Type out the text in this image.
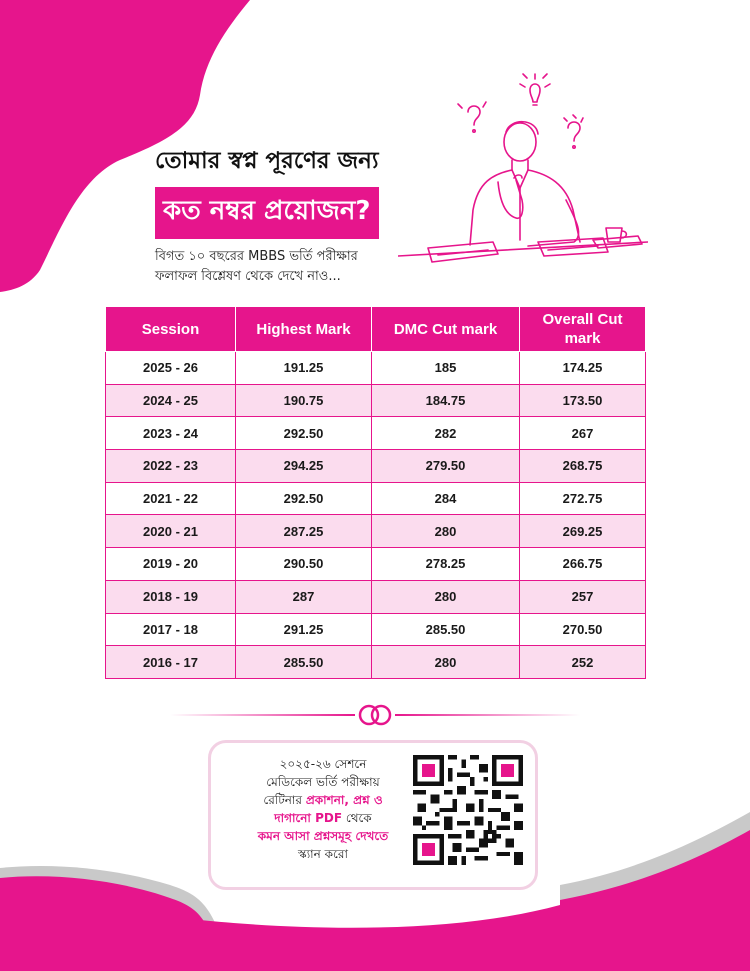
তোমার স্বপ্ন পূরণের জন্য
কত নম্বর প্রয়োজন?
বিগত ১০ বছরের MBBS ভর্তি পরীক্ষার
ফলাফল বিশ্লেষণ থেকে দেখে নাও...
Session	Highest Mark	DMC Cut mark	Overall Cut mark
2025 - 26	191.25	185	174.25
2024 - 25	190.75	184.75	173.50
2023 - 24	292.50	282	267
2022 - 23	294.25	279.50	268.75
2021 - 22	292.50	284	272.75
2020 - 21	287.25	280	269.25
2019 - 20	290.50	278.25	266.75
2018 - 19	287	280	257
2017 - 18	291.25	285.50	270.50
2016 - 17	285.50	280	252
২০২৫-২৬ সেশনে
মেডিকেল ভর্তি পরীক্ষায়
রেটিনার প্রকাশনা, প্রশ্ন ও
দাগানো PDF থেকে
কমন আসা প্রশ্নসমূহ দেখতে
স্ক্যান করো
